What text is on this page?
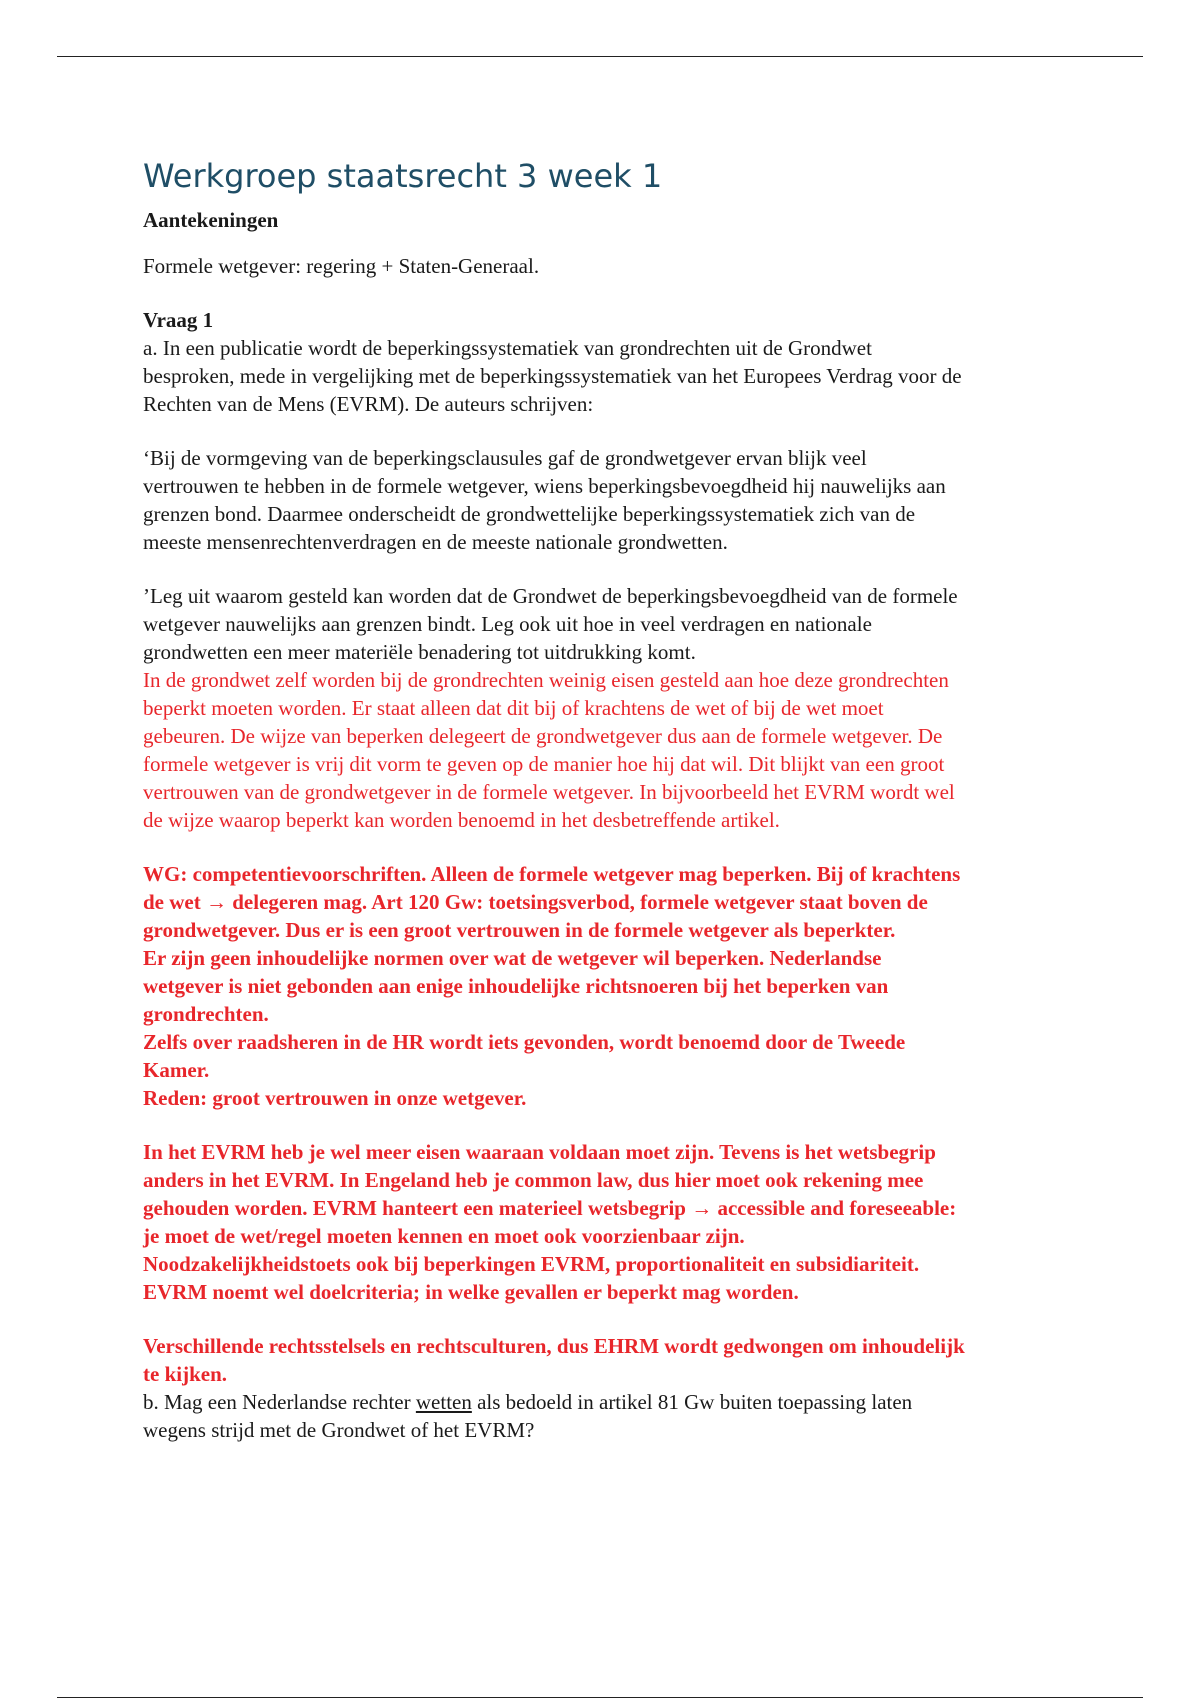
Werkgroep staatsrecht 3 week 1

Aantekeningen

Formele wetgever: regering + Staten-Generaal.

Vraag 1

a. In een publicatie wordt de beperkingssystematiek van grondrechten uit de Grondwet

besproken, mede in vergelijking met de beperkingssystematiek van het Europees Verdrag voor de

Rechten van de Mens (EVRM). De auteurs schrijven:

‘Bij de vormgeving van de beperkingsclausules gaf de grondwetgever ervan blijk veel

vertrouwen te hebben in de formele wetgever, wiens beperkingsbevoegdheid hij nauwelijks aan

grenzen bond. Daarmee onderscheidt de grondwettelijke beperkingssystematiek zich van de

meeste mensenrechtenverdragen en de meeste nationale grondwetten.

’Leg uit waarom gesteld kan worden dat de Grondwet de beperkingsbevoegdheid van de formele

wetgever nauwelijks aan grenzen bindt. Leg ook uit hoe in veel verdragen en nationale

grondwetten een meer materiële benadering tot uitdrukking komt.

In de grondwet zelf worden bij de grondrechten weinig eisen gesteld aan hoe deze grondrechten

beperkt moeten worden. Er staat alleen dat dit bij of krachtens de wet of bij de wet moet

gebeuren. De wijze van beperken delegeert de grondwetgever dus aan de formele wetgever. De

formele wetgever is vrij dit vorm te geven op de manier hoe hij dat wil. Dit blijkt van een groot

vertrouwen van de grondwetgever in de formele wetgever. In bijvoorbeeld het EVRM wordt wel

de wijze waarop beperkt kan worden benoemd in het desbetreffende artikel.

WG: competentievoorschriften. Alleen de formele wetgever mag beperken. Bij of krachtens

de wet → delegeren mag. Art 120 Gw: toetsingsverbod, formele wetgever staat boven de

grondwetgever. Dus er is een groot vertrouwen in de formele wetgever als beperkter.

Er zijn geen inhoudelijke normen over wat de wetgever wil beperken. Nederlandse

wetgever is niet gebonden aan enige inhoudelijke richtsnoeren bij het beperken van

grondrechten.

Zelfs over raadsheren in de HR wordt iets gevonden, wordt benoemd door de Tweede

Kamer.

Reden: groot vertrouwen in onze wetgever.

In het EVRM heb je wel meer eisen waaraan voldaan moet zijn. Tevens is het wetsbegrip

anders in het EVRM. In Engeland heb je common law, dus hier moet ook rekening mee

gehouden worden. EVRM hanteert een materieel wetsbegrip → accessible and foreseeable:

je moet de wet/regel moeten kennen en moet ook voorzienbaar zijn.

Noodzakelijkheidstoets ook bij beperkingen EVRM, proportionaliteit en subsidiariteit.

EVRM noemt wel doelcriteria; in welke gevallen er beperkt mag worden.

Verschillende rechtsstelsels en rechtsculturen, dus EHRM wordt gedwongen om inhoudelijk

te kijken.

b. Mag een Nederlandse rechter wetten als bedoeld in artikel 81 Gw buiten toepassing laten

wegens strijd met de Grondwet of het EVRM?
